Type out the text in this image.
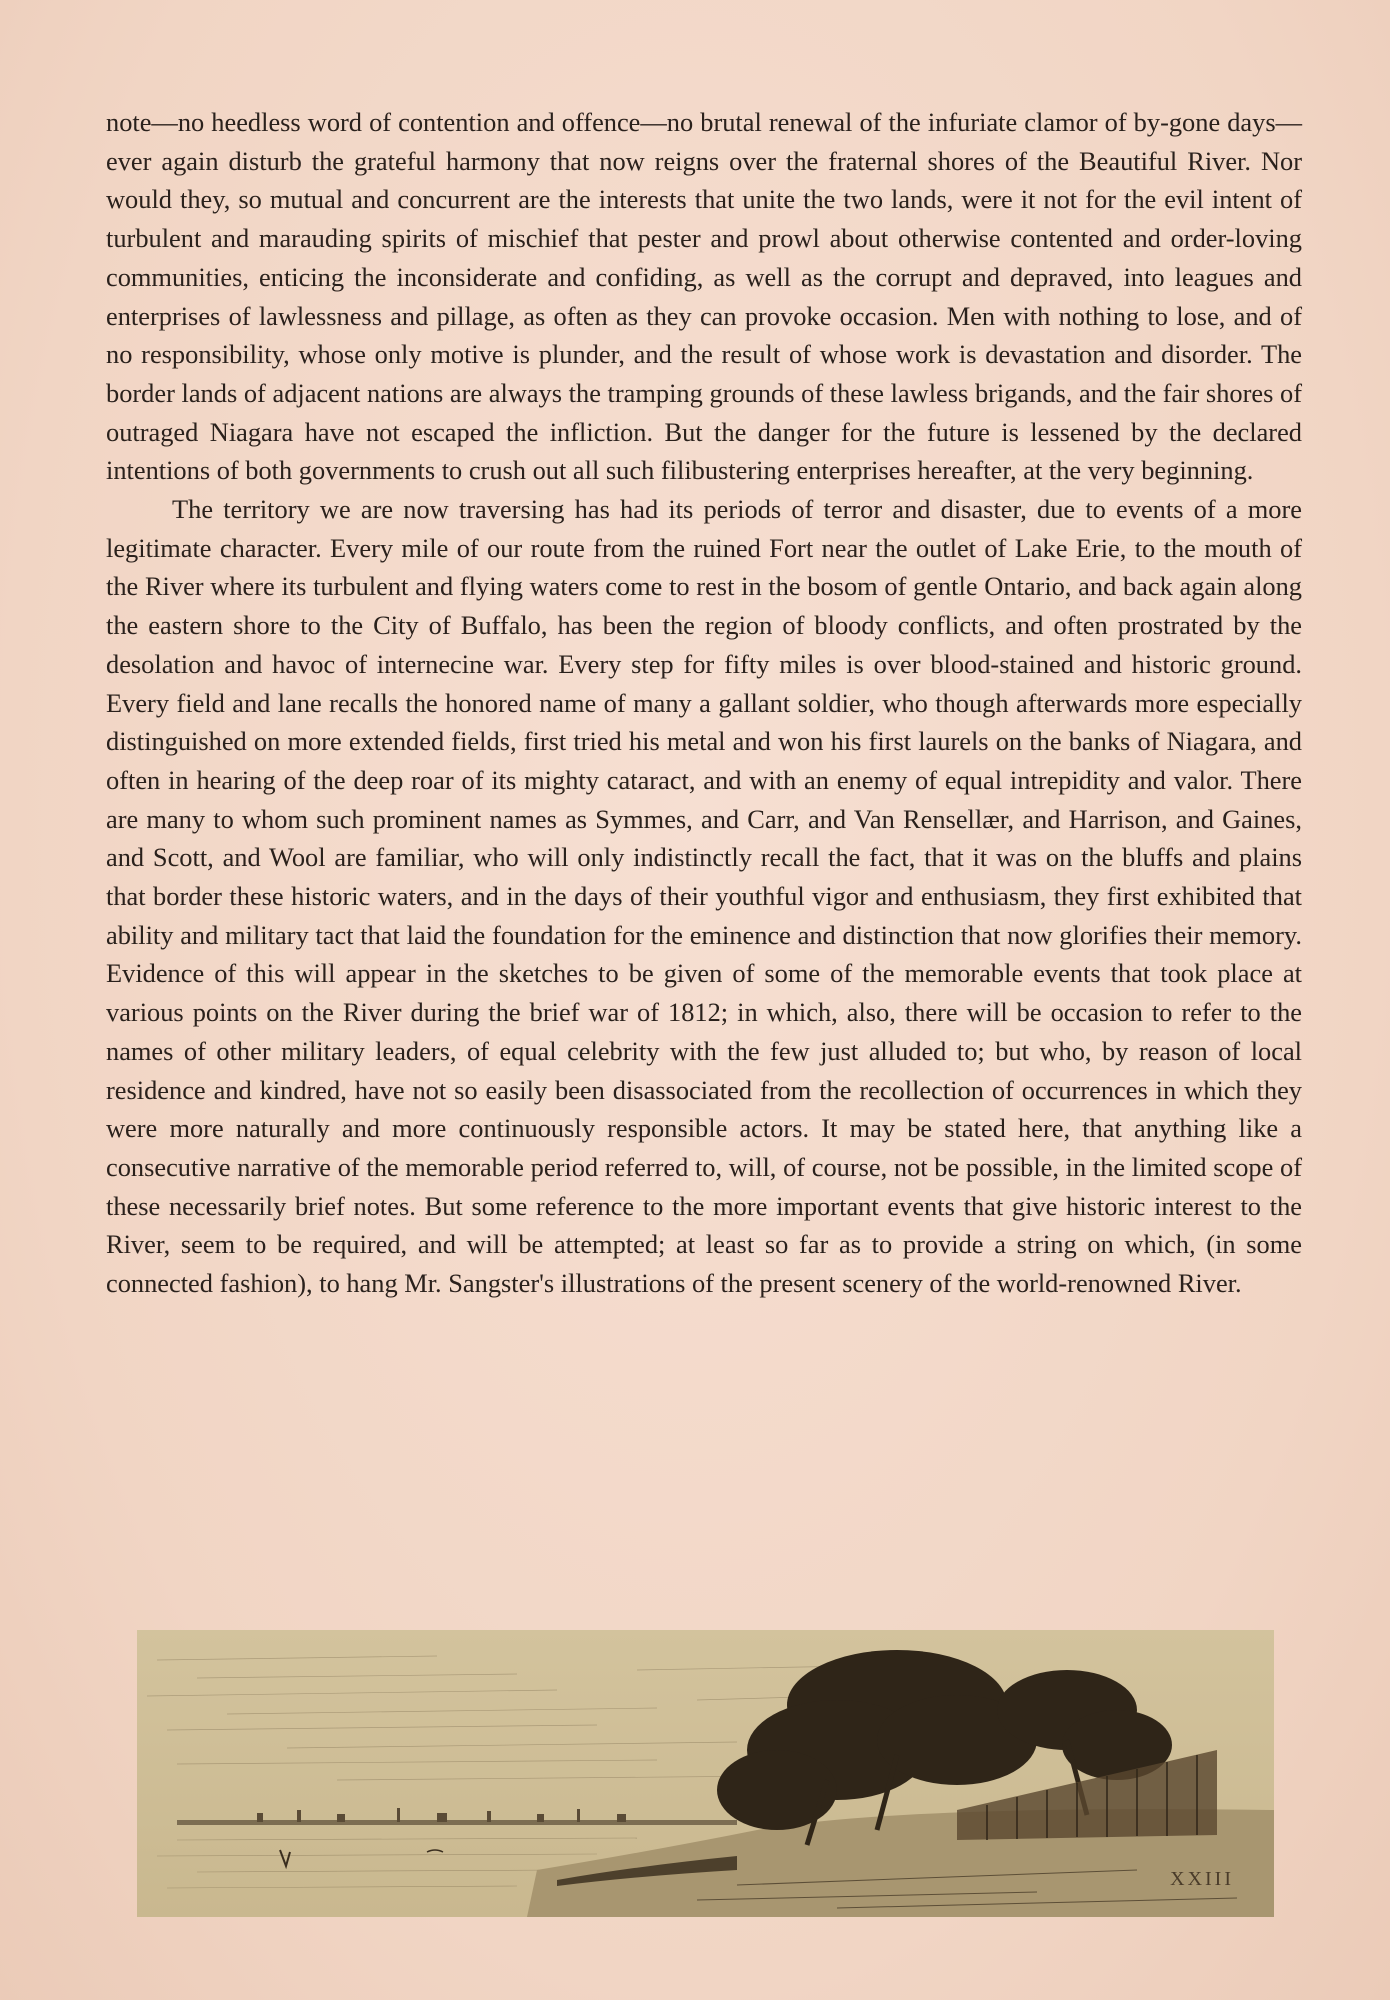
note—no heedless word of contention and offence—no brutal renewal of the infuriate clamor of by-gone days—ever again disturb the grateful harmony that now reigns over the fraternal shores of the Beautiful River. Nor would they, so mutual and concurrent are the interests that unite the two lands, were it not for the evil intent of turbulent and marauding spirits of mischief that pester and prowl about otherwise contented and order-loving communities, enticing the inconsiderate and confiding, as well as the corrupt and depraved, into leagues and enterprises of lawlessness and pillage, as often as they can provoke occasion. Men with nothing to lose, and of no responsibility, whose only motive is plunder, and the result of whose work is devastation and disorder. The border lands of adjacent nations are always the tramping grounds of these lawless brigands, and the fair shores of outraged Niagara have not escaped the infliction. But the danger for the future is lessened by the declared intentions of both governments to crush out all such filibustering enterprises hereafter, at the very beginning.

The territory we are now traversing has had its periods of terror and disaster, due to events of a more legitimate character. Every mile of our route from the ruined Fort near the outlet of Lake Erie, to the mouth of the River where its turbulent and flying waters come to rest in the bosom of gentle Ontario, and back again along the eastern shore to the City of Buffalo, has been the region of bloody conflicts, and often prostrated by the desolation and havoc of internecine war. Every step for fifty miles is over blood-stained and historic ground. Every field and lane recalls the honored name of many a gallant soldier, who though afterwards more especially distinguished on more extended fields, first tried his metal and won his first laurels on the banks of Niagara, and often in hearing of the deep roar of its mighty cataract, and with an enemy of equal intrepidity and valor. There are many to whom such prominent names as Symmes, and Carr, and Van Rensellær, and Harrison, and Gaines, and Scott, and Wool are familiar, who will only indistinctly recall the fact, that it was on the bluffs and plains that border these historic waters, and in the days of their youthful vigor and enthusiasm, they first exhibited that ability and military tact that laid the foundation for the eminence and distinction that now glorifies their memory. Evidence of this will appear in the sketches to be given of some of the memorable events that took place at various points on the River during the brief war of 1812; in which, also, there will be occasion to refer to the names of other military leaders, of equal celebrity with the few just alluded to; but who, by reason of local residence and kindred, have not so easily been disassociated from the recollection of occurrences in which they were more naturally and more continuously responsible actors. It may be stated here, that anything like a consecutive narrative of the memorable period referred to, will, of course, not be possible, in the limited scope of these necessarily brief notes. But some reference to the more important events that give historic interest to the River, seem to be required, and will be attempted; at least so far as to provide a string on which, (in some connected fashion), to hang Mr. Sangster's illustrations of the present scenery of the world-renowned River.

XXIII
